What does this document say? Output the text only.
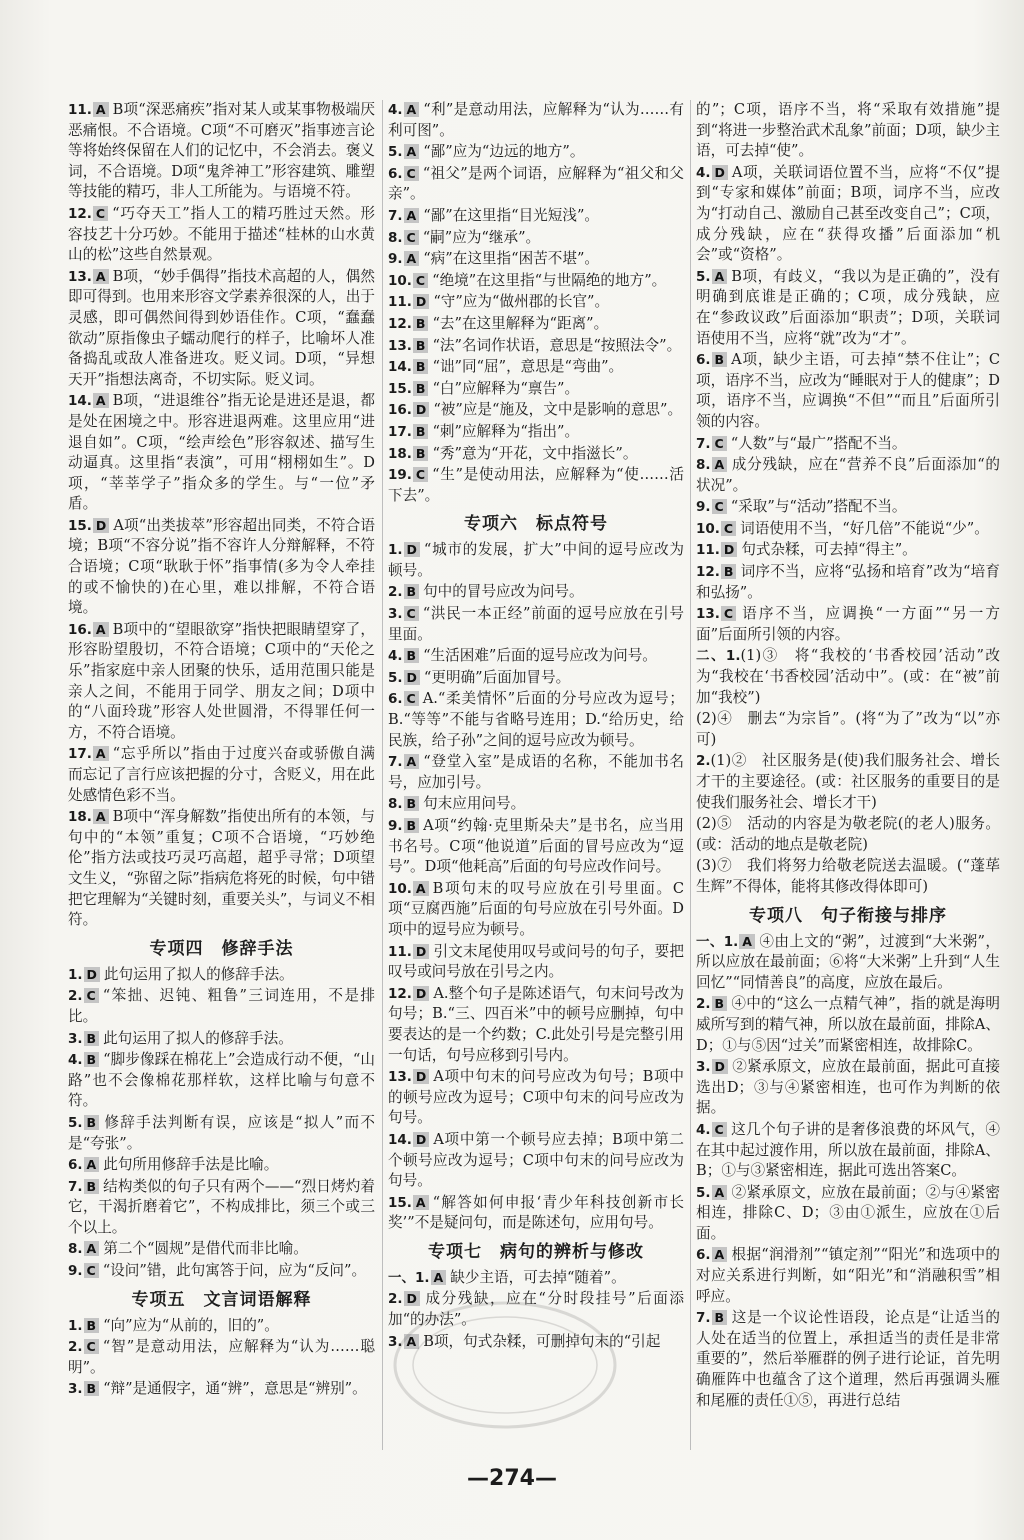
11. A B项“深恶痛疾”指对某人或某事物极端厌恶痛恨。不合语境。C项“不可磨灭”指事迹言论等将始终保留在人们的记忆中，不会消去。褒义词，不合语境。D项“鬼斧神工”形容建筑、雕塑等技能的精巧，非人工所能为。与语境不符。
12. C “巧夺天工”指人工的精巧胜过天然。形容技艺十分巧妙。不能用于描述“桂林的山水黄山的松”这些自然景观。
13. A B项，“妙手偶得”指技术高超的人，偶然即可得到。也用来形容文学素养很深的人，出于灵感，即可偶然间得到妙语佳作。C项，“蠢蠢欲动”原指像虫子蠕动爬行的样子，比喻坏人准备捣乱或敌人准备进攻。贬义词。D项，“异想天开”指想法离奇，不切实际。贬义词。
14. A B项，“进退维谷”指无论是进还是退，都是处在困境之中。形容进退两难。这里应用“进退自如”。C项，“绘声绘色”形容叙述、描写生动逼真。这里指“表演”，可用“栩栩如生”。D项，“莘莘学子”指众多的学生。与“一位”矛盾。
15. D A项“出类拔萃”形容超出同类，不符合语境；B项“不容分说”指不容许人分辩解释，不符合语境；C项“耿耿于怀”指事情(多为令人牵挂的或不愉快的)在心里，难以排解，不符合语境。
16. A B项中的“望眼欲穿”指快把眼睛望穿了，形容盼望殷切，不符合语境；C项中的“天伦之乐”指家庭中亲人团聚的快乐，适用范围只能是亲人之间，不能用于同学、朋友之间；D项中的“八面玲珑”形容人处世圆滑，不得罪任何一方，不符合语境。
17. A “忘乎所以”指由于过度兴奋或骄傲自满而忘记了言行应该把握的分寸，含贬义，用在此处感情色彩不当。
18. A B项中“浑身解数”指使出所有的本领，与句中的“本领”重复；C项不合语境，“巧妙绝伦”指方法或技巧灵巧高超，超乎寻常；D项望文生义，“弥留之际”指病危将死的时候，句中错把它理解为“关键时刻，重要关头”，与词义不相符。
专项四　修辞手法
1. D 此句运用了拟人的修辞手法。
2. C “笨拙、迟钝、粗鲁”三词连用，不是排比。
3. B 此句运用了拟人的修辞手法。
4. B “脚步像踩在棉花上”会造成行动不便，“山路”也不会像棉花那样软，这样比喻与句意不符。
5. B 修辞手法判断有误，应该是“拟人”而不是“夸张”。
6. A 此句所用修辞手法是比喻。
7. B 结构类似的句子只有两个——“烈日烤灼着它，干渴折磨着它”，不构成排比，须三个或三个以上。
8. A 第二个“圆规”是借代而非比喻。
9. C “设问”错，此句寓答于问，应为“反问”。
专项五　文言词语解释
1. B “向”应为“从前的，旧的”。
2. C “智”是意动用法，应解释为“认为……聪明”。
3. B “辩”是通假字，通“辨”，意思是“辨别”。
4. A “利”是意动用法，应解释为“认为……有利可图”。
5. A “鄙”应为“边远的地方”。
6. C “祖父”是两个词语，应解释为“祖父和父亲”。
7. A “鄙”在这里指“目光短浅”。
8. C “嗣”应为“继承”。
9. A “病”在这里指“困苦不堪”。
10. C “绝境”在这里指“与世隔绝的地方”。
11. D “守”应为“做州郡的长官”。
12. B “去”在这里解释为“距离”。
13. B “法”名词作状语，意思是“按照法令”。
14. B “诎”同“屈”，意思是“弯曲”。
15. B “白”应解释为“禀告”。
16. D “被”应是“施及，文中是影响的意思”。
17. B “刺”应解释为“指出”。
18. B “秀”意为“开花，文中指滋长”。
19. C “生”是使动用法，应解释为“使……活下去”。
专项六　标点符号
1. D “城市的发展，扩大”中间的逗号应改为顿号。
2. B 句中的冒号应改为问号。
3. C “洪民一本正经”前面的逗号应放在引号里面。
4. B “生活困难”后面的逗号应改为问号。
5. D “更明确”后面加冒号。
6. C A.“柔美情怀”后面的分号应改为逗号；B.“等等”不能与省略号连用；D.“给历史，给民族，给子孙”之间的逗号应改为顿号。
7. A “登堂入室”是成语的名称，不能加书名号，应加引号。
8. B 句末应用问号。
9. B A项“约翰·克里斯朵夫”是书名，应当用书名号。C项“他说道”后面的冒号应改为“逗号”。D项“他耗高”后面的句号应改作问号。
10. A B项句末的叹号应放在引号里面。C项“豆腐西施”后面的句号应放在引号外面。D项中的逗号应为顿号。
11. D 引文末尾使用叹号或问号的句子，要把叹号或问号放在引号之内。
12. D A.整个句子是陈述语气，句末问号改为句号；B.“三、四百米”中的顿号应删掉，句中要表达的是一个约数；C.此处引号是完整引用一句话，句号应移到引号内。
13. D A项中句末的问号应改为句号；B项中的顿号应改为逗号；C项中句末的问号应改为句号。
14. D A项中第一个顿号应去掉；B项中第二个顿号应改为逗号；C项中句末的问号应改为句号。
15. A “解答如何申报‘青少年科技创新市长奖’”不是疑问句，而是陈述句，应用句号。
专项七　病句的辨析与修改
一、1. A 缺少主语，可去掉“随着”。
2. D 成分残缺，应在“分时段挂号”后面添加“的办法”。
3. A B项，句式杂糅，可删掉句末的“引起
的”；C项，语序不当，将“采取有效措施”提到“将进一步整治武术乱象”前面；D项，缺少主语，可去掉“使”。
4. D A项，关联词语位置不当，应将“不仅”提到“专家和媒体”前面；B项，词序不当，应改为“打动自己、激励自己甚至改变自己”；C项，成分残缺，应在“获得攻播”后面添加“机会”或“资格”。
5. A B项，有歧义，“我以为是正确的”，没有明确到底谁是正确的；C项，成分残缺，应在“参政议政”后面添加“职责”；D项，关联词语使用不当，应将“就”改为“才”。
6. B A项，缺少主语，可去掉“禁不住让”；C项，语序不当，应改为“睡眠对于人的健康”；D项，语序不当，应调换“不但”“而且”后面所引领的内容。
7. C “人数”与“最广”搭配不当。
8. A 成分残缺，应在“营养不良”后面添加“的状况”。
9. C “采取”与“活动”搭配不当。
10. C 词语使用不当，“好几倍”不能说“少”。
11. D 句式杂糅，可去掉“得主”。
12. B 词序不当，应将“弘扬和培育”改为“培育和弘扬”。
13. C 语序不当，应调换“一方面”“另一方面”后面所引领的内容。
二、1.(1)③　将“我校的‘书香校园’活动”改为“我校在‘书香校园’活动中”。(或：在“被”前加“我校”)
(2)④　删去“为宗旨”。(将“为了”改为“以”亦可)
2.(1)②　社区服务是(使)我们服务社会、增长才干的主要途径。(或：社区服务的重要目的是使我们服务社会、增长才干)
(2)⑤　活动的内容是为敬老院(的老人)服务。(或：活动的地点是敬老院)
(3)⑦　我们将努力给敬老院送去温暖。(“蓬荜生辉”不得体，能将其修改得体即可)
专项八　句子衔接与排序
一、1. A ④由上文的“粥”，过渡到“大米粥”，所以应放在最前面；⑥将“大米粥”上升到“人生回忆”“同情善良”的高度，应放在最后。
2. B ④中的“这么一点精气神”，指的就是海明威所写到的精气神，所以放在最前面，排除A、D；①与⑤因“过关”而紧密相连，故排除C。
3. D ②紧承原文，应放在最前面，据此可直接选出D；③与④紧密相连，也可作为判断的依据。
4. C 这几个句子讲的是奢侈浪费的坏风气，④在其中起过渡作用，所以放在最前面，排除A、B；①与③紧密相连，据此可选出答案C。
5. A ②紧承原文，应放在最前面；②与④紧密相连，排除C、D；③由①派生，应放在①后面。
6. A 根据“润滑剂”“镇定剂”“阳光”和选项中的对应关系进行判断，如“阳光”和“消融积雪”相呼应。
7. B 这是一个议论性语段，论点是“让适当的人处在适当的位置上，承担适当的责任是非常重要的”，然后举雁群的例子进行论证，首先明确雁阵中也蕴含了这个道理，然后再强调头雁和尾雁的责任①⑤，再进行总结
—274—
